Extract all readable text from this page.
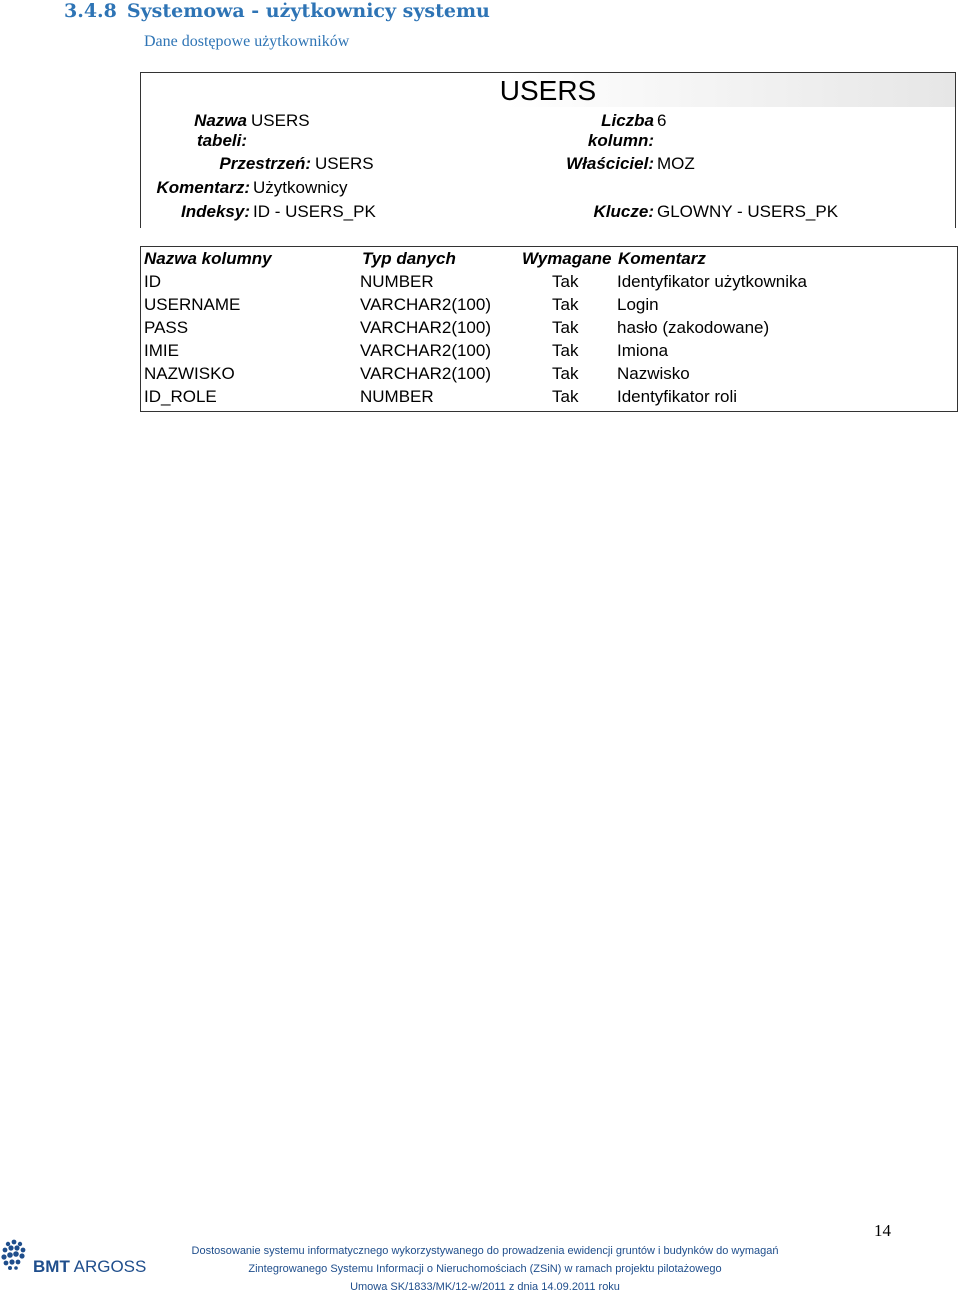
3.4.8 Systemowa - użytkownicy systemu
Dane dostępowe użytkowników
USERS
Nazwa
tabeli:
USERS
Przestrzeń: USERS
Komentarz: Użytkownicy
Indeksy: ID - USERS_PK
Liczba
kolumn:
6
Właściciel: MOZ
Klucze: GLOWNY - USERS_PK
Nazwa kolumny	Typ danych	Wymagane Komentarz
ID	NUMBER	Tak Identyfikator użytkownika
USERNAME	VARCHAR2(100)	Tak Login
PASS	VARCHAR2(100)	Tak hasło (zakodowane)
IMIE	VARCHAR2(100)	Tak Imiona
NAZWISKO	VARCHAR2(100)	Tak Nazwisko
ID_ROLE	NUMBER	Tak Identyfikator roli
14
BMT ARGOSS
Dostosowanie systemu informatycznego wykorzystywanego do prowadzenia ewidencji gruntów i budynków do wymagań
Zintegrowanego Systemu Informacji o Nieruchomościach (ZSiN) w ramach projektu pilotażowego
Umowa SK/1833/MK/12-w/2011 z dnia 14.09.2011 roku
